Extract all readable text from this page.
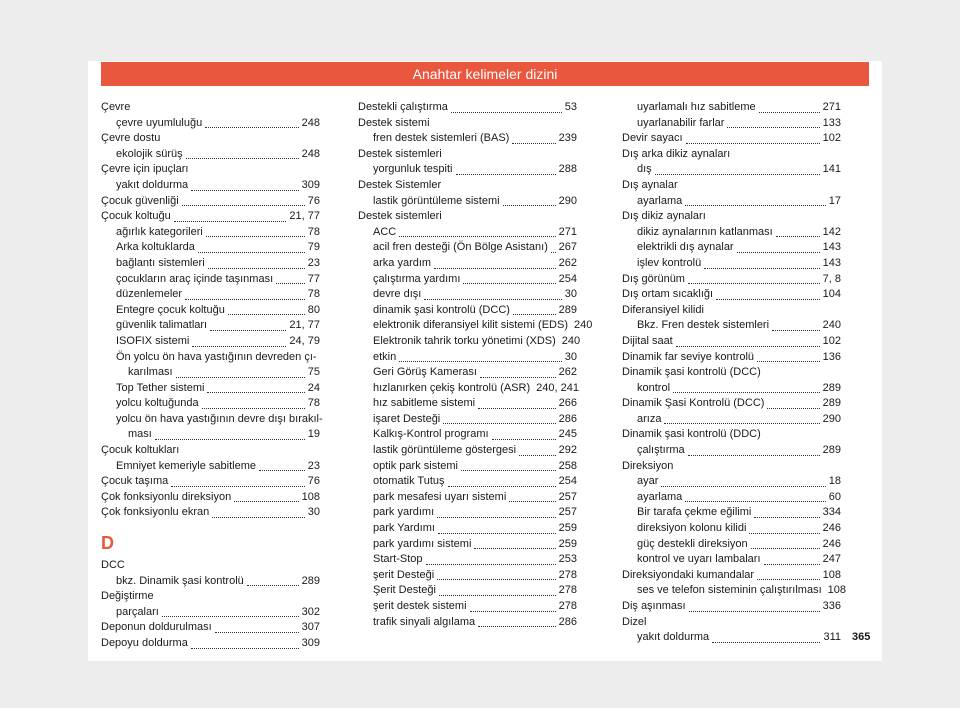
Anahtar kelimeler dizini
Çevre
çevre uyumluluğu	248
Çevre dostu
ekolojik sürüş	248
Çevre için ipuçları
yakıt doldurma	309
Çocuk güvenliği	76
Çocuk koltuğu	21, 77
ağırlık kategorileri	78
Arka koltuklarda	79
bağlantı sistemleri	23
çocukların araç içinde taşınması	77
düzenlemeler	78
Entegre çocuk koltuğu	80
güvenlik talimatları	21, 77
ISOFIX sistemi	24, 79
Ön yolcu ön hava yastığının devreden çı-
karılması	75
Top Tether sistemi	24
yolcu koltuğunda	78
yolcu ön hava yastığının devre dışı bırakıl-
ması	19
Çocuk koltukları
Emniyet kemeriyle sabitleme	23
Çocuk taşıma	76
Çok fonksiyonlu direksiyon	108
Çok fonksiyonlu ekran	30
D
DCC
bkz. Dinamik şasi kontrolü	289
Değiştirme
parçaları	302
Deponun doldurulması	307
Depoyu doldurma	309
Destekli çalıştırma	53
Destek sistemi
fren destek sistemleri (BAS)	239
Destek sistemleri
yorgunluk tespiti	288
Destek Sistemler
lastik görüntüleme sistemi	290
Destek sistemleri
ACC	271
acil fren desteği (Ön Bölge Asistanı) 267
arka yardım	262
çalıştırma yardımı	254
devre dışı	30
dinamik şasi kontrolü (DCC)	289
elektronik diferansiyel kilit sistemi (EDS) 240
Elektronik tahrik torku yönetimi (XDS) 240
etkin	30
Geri Görüş Kamerası	262
hızlanırken çekiş kontrolü (ASR) 240, 241
hız sabitleme sistemi	266
işaret Desteği	286
Kalkış-Kontrol programı	245
lastik görüntüleme göstergesi	292
optik park sistemi	258
otomatik Tutuş	254
park mesafesi uyarı sistemi	257
park yardımı	257
park Yardımı	259
park yardımı sistemi	259
Start-Stop	253
şerit Desteği	278
Şerit Desteği	278
şerit destek sistemi	278
trafik sinyali algılama	286
uyarlamalı hız sabitleme	271
uyarlanabilir farlar	133
Devir sayacı	102
Dış arka dikiz aynaları
dış	141
Dış aynalar
ayarlama	17
Dış dikiz aynaları
dikiz aynalarının katlanması	142
elektrikli dış aynalar	143
işlev kontrolü	143
Dış görünüm	7, 8
Dış ortam sıcaklığı	104
Diferansiyel kilidi
Bkz. Fren destek sistemleri	240
Dijital saat	102
Dinamik far seviye kontrolü	136
Dinamik şasi kontrolü (DCC)
kontrol	289
Dinamik Şasi Kontrolü (DCC)	289
arıza	290
Dinamik şasi kontrolü (DDC)
çalıştırma	289
Direksiyon
ayar	18
ayarlama	60
Bir tarafa çekme eğilimi	334
direksiyon kolonu kilidi	246
güç destekli direksiyon	246
kontrol ve uyarı lambaları	247
Direksiyondaki kumandalar	108
ses ve telefon sisteminin çalıştırılması 108
Diş aşınması	336
Dizel
yakıt doldurma	311 365
